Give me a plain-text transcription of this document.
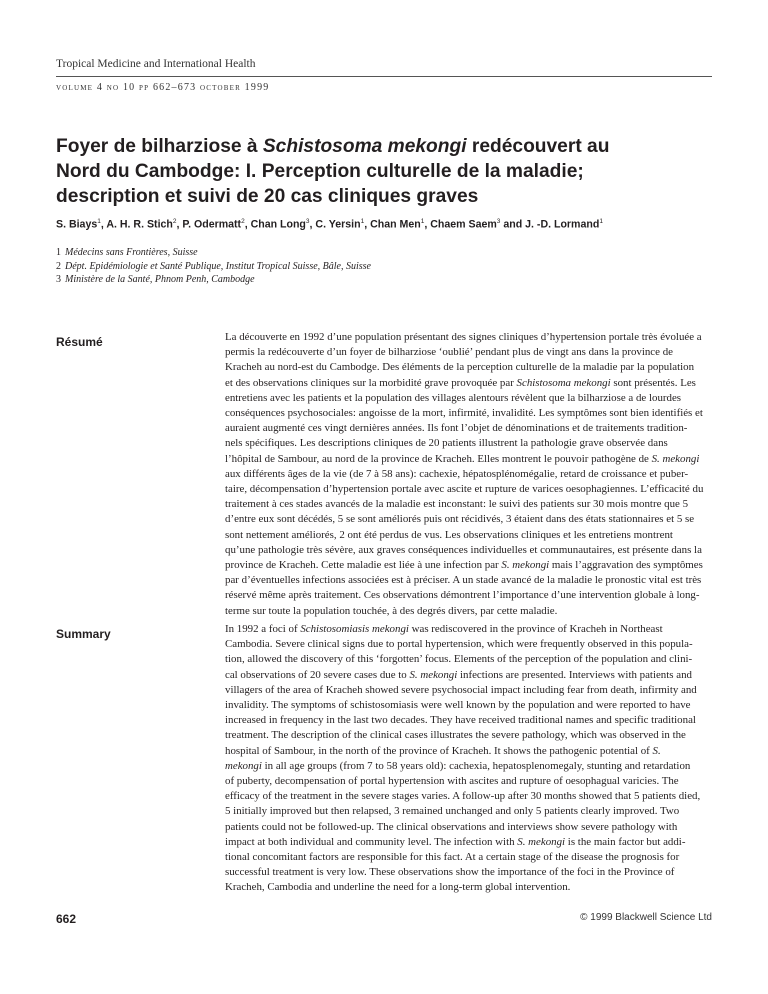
Tropical Medicine and International Health
volume 4 no 10 pp 662–673 october 1999
Foyer de bilharziose à Schistosoma mekongi redécouvert au
Nord du Cambodge: I. Perception culturelle de la maladie;
description et suivi de 20 cas cliniques graves
S. Biays$^1$, A. H. R. Stich$^2$, P. Odermatt$^2$, Chan Long$^3$, C. Yersin$^1$, Chan Men$^1$, Chaem Saem$^3$ and J. -D. Lormand$^1$
1 Médecins sans Frontières, Suisse
2 Dépt. Epidémiologie et Santé Publique, Institut Tropical Suisse, Bâle, Suisse
3 Ministère de la Santé, Phnom Penh, Cambodge
Résumé	La découverte en 1992 d’une population présentant des signes cliniques d’hypertension portale très évoluée a
permis la redécouverte d’un foyer de bilharziose ‘oublié’ pendant plus de vingt ans dans la province de
Kracheh au nord-est du Cambodge. Des éléments de la perception culturelle de la maladie par la population
et des observations cliniques sur la morbidité grave provoquée par Schistosoma mekongi sont présentés. Les
entretiens avec les patients et la population des villages alentours révèlent que la bilharziose a de lourdes
conséquences psychosociales: angoisse de la mort, infirmité, invalidité. Les symptômes sont bien identifiés et
auraient augmenté ces vingt dernières années. Ils font l’objet de dénominations et de traitements tradition-
nels spécifiques. Les descriptions cliniques de 20 patients illustrent la pathologie grave observée dans
l’hôpital de Sambour, au nord de la province de Kracheh. Elles montrent le pouvoir pathogène de S. mekongi
aux différents âges de la vie (de 7 à 58 ans): cachexie, hépatosplénomégalie, retard de croissance et puber-
taire, décompensation d’hypertension portale avec ascite et rupture de varices oesophagiennes. L’efficacité du
traitement à ces stades avancés de la maladie est inconstant: le suivi des patients sur 30 mois montre que 5
d’entre eux sont décédés, 5 se sont améliorés puis ont récidivés, 3 étaient dans des états stationnaires et 5 se
sont nettement améliorés, 2 ont été perdus de vus. Les observations cliniques et les entretiens montrent
qu’une pathologie très sévère, aux graves conséquences individuelles et communautaires, est présente dans la
province de Kracheh. Cette maladie est liée à une infection par S. mekongi mais l’aggravation des symptômes
par d’éventuelles infections associées est à préciser. A un stade avancé de la maladie le pronostic vital est très
réservé même après traitement. Ces observations démontrent l’importance d’une intervention globale à long-
terme sur toute la population touchée, à des degrés divers, par cette maladie.

Summary	In 1992 a foci of Schistosomiasis mekongi was rediscovered in the province of Kracheh in Northeast
Cambodia. Severe clinical signs due to portal hypertension, which were frequently observed in this popula-
tion, allowed the discovery of this ‘forgotten’ focus. Elements of the perception of the population and clini-
cal observations of 20 severe cases due to S. mekongi infections are presented. Interviews with patients and
villagers of the area of Kracheh showed severe psychosocial impact including fear from death, infirmity and
invalidity. The symptoms of schistosomiasis were well known by the population and were reported to have
increased in frequency in the last two decades. They have received traditional names and specific traditional
treatment. The description of the clinical cases illustrates the severe pathology, which was observed in the
hospital of Sambour, in the north of the province of Kracheh. It shows the pathogenic potential of S.
mekongi in all age groups (from 7 to 58 years old): cachexia, hepatosplenomegaly, stunting and retardation
of puberty, decompensation of portal hypertension with ascites and rupture of oesophagual varicies. The
efficacy of the treatment in the severe stages varies. A follow-up after 30 months showed that 5 patients died,
5 initially improved but then relapsed, 3 remained unchanged and only 5 patients clearly improved. Two
patients could not be followed-up. The clinical observations and interviews show severe pathology with
impact at both individual and community level. The infection with S. mekongi is the main factor but addi-
tional concomitant factors are responsible for this fact. At a certain stage of the disease the prognosis for
successful treatment is very low. These observations show the importance of the foci in the Province of
Kracheh, Cambodia and underline the need for a long-term global intervention.

662	© 1999 Blackwell Science Ltd
